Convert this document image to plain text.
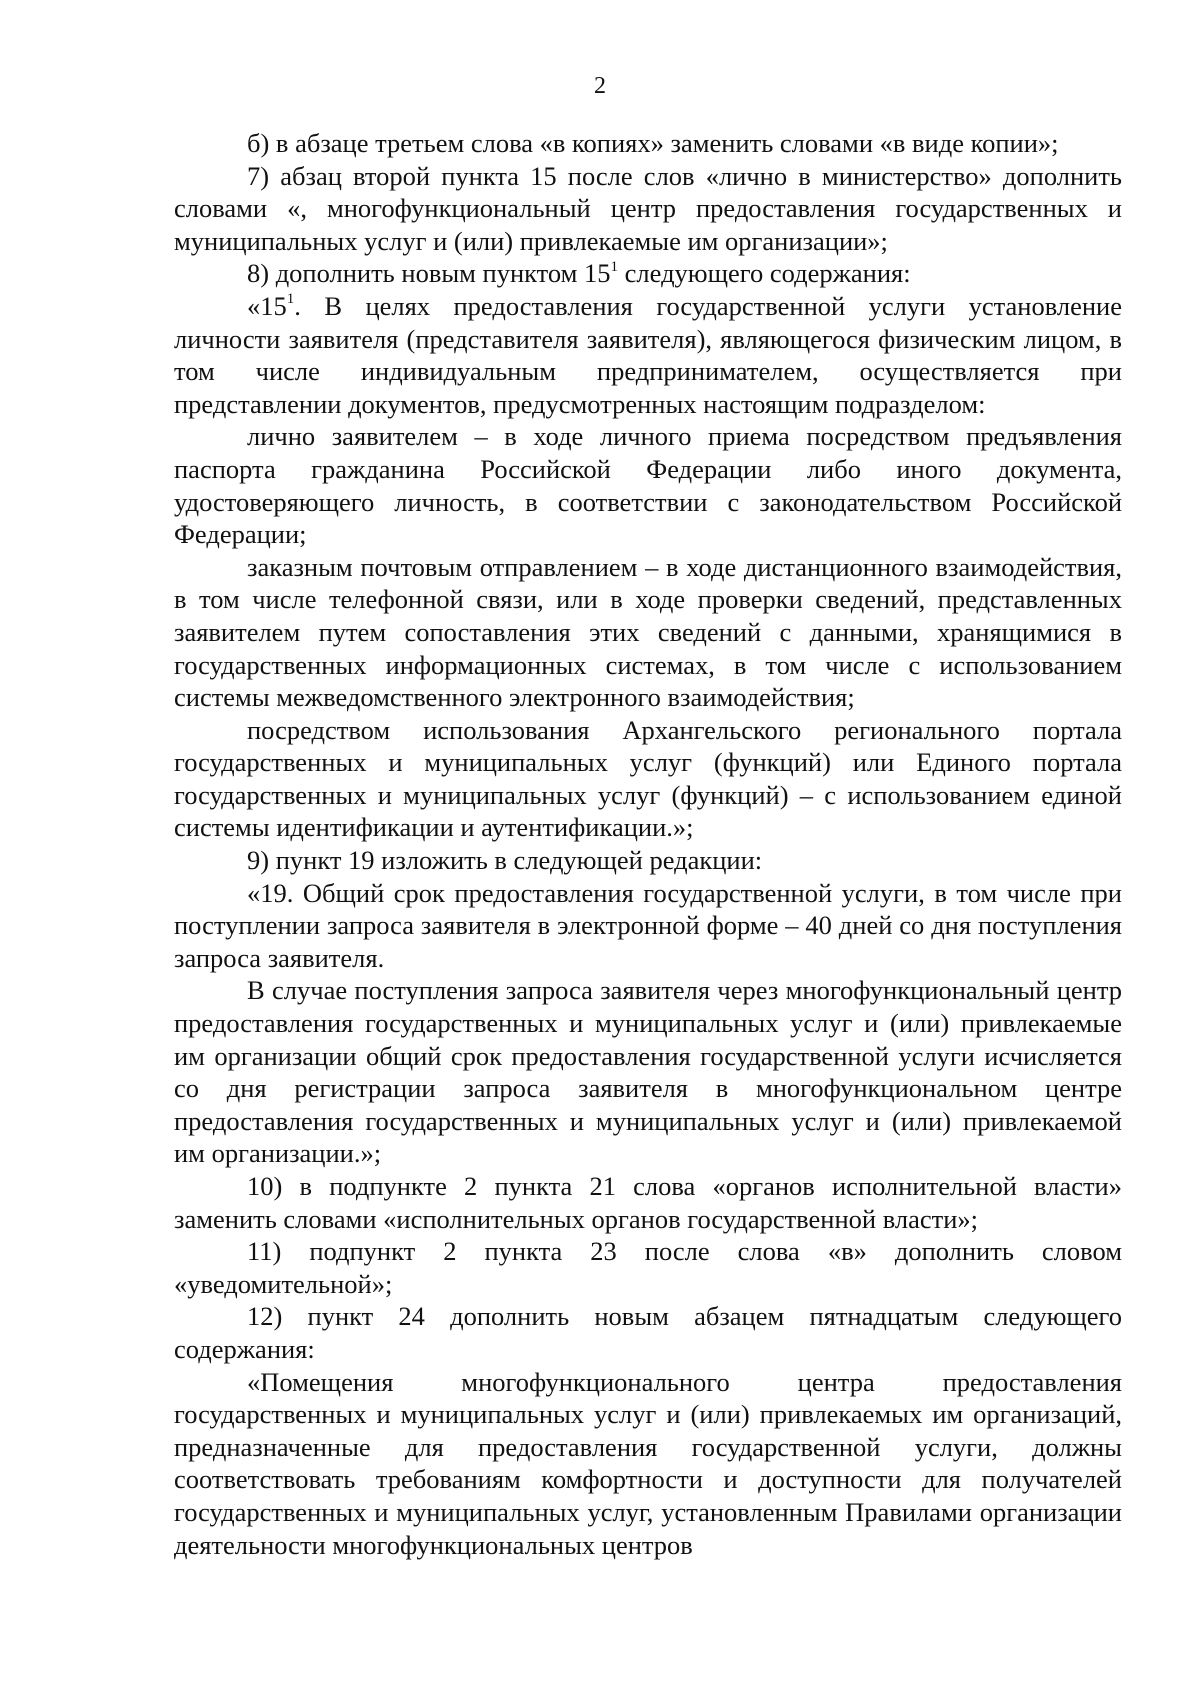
2

б) в абзаце третьем слова «в копиях» заменить словами «в виде копии»;

7) абзац второй пункта 15 после слов «лично в министерство» дополнить словами «, многофункциональный центр предоставления государственных и муниципальных услуг и (или) привлекаемые им организации»;

8) дополнить новым пунктом $15^1$ следующего содержания:

«$15^1$. В целях предоставления государственной услуги установление личности заявителя (представителя заявителя), являющегося физическим лицом, в том числе индивидуальным предпринимателем, осуществляется при представлении документов, предусмотренных настоящим подразделом:

лично заявителем – в ходе личного приема посредством предъявления паспорта гражданина Российской Федерации либо иного документа, удостоверяющего личность, в соответствии с законодательством Российской Федерации;

заказным почтовым отправлением – в ходе дистанционного взаимодействия, в том числе телефонной связи, или в ходе проверки сведений, представленных заявителем путем сопоставления этих сведений с данными, хранящимися в государственных информационных системах, в том числе с использованием системы межведомственного электронного взаимодействия;

посредством использования Архангельского регионального портала государственных и муниципальных услуг (функций) или Единого портала государственных и муниципальных услуг (функций) – с использованием единой системы идентификации и аутентификации.»;

9) пункт 19 изложить в следующей редакции:

«19. Общий срок предоставления государственной услуги, в том числе при поступлении запроса заявителя в электронной форме – 40 дней со дня поступления запроса заявителя.

В случае поступления запроса заявителя через многофункциональный центр предоставления государственных и муниципальных услуг и (или) привлекаемые им организации общий срок предоставления государственной услуги исчисляется со дня регистрации запроса заявителя в многофункциональном центре предоставления государственных и муниципальных услуг и (или) привлекаемой им организации.»;

10) в подпункте 2 пункта 21 слова «органов исполнительной власти» заменить словами «исполнительных органов государственной власти»;

11) подпункт 2 пункта 23 после слова «в» дополнить словом «уведомительной»;

12) пункт 24 дополнить новым абзацем пятнадцатым следующего содержания:

«Помещения многофункционального центра предоставления государственных и муниципальных услуг и (или) привлекаемых им организаций, предназначенные для предоставления государственной услуги, должны соответствовать требованиям комфортности и доступности для получателей государственных и муниципальных услуг, установленным Правилами организации деятельности многофункциональных центров
